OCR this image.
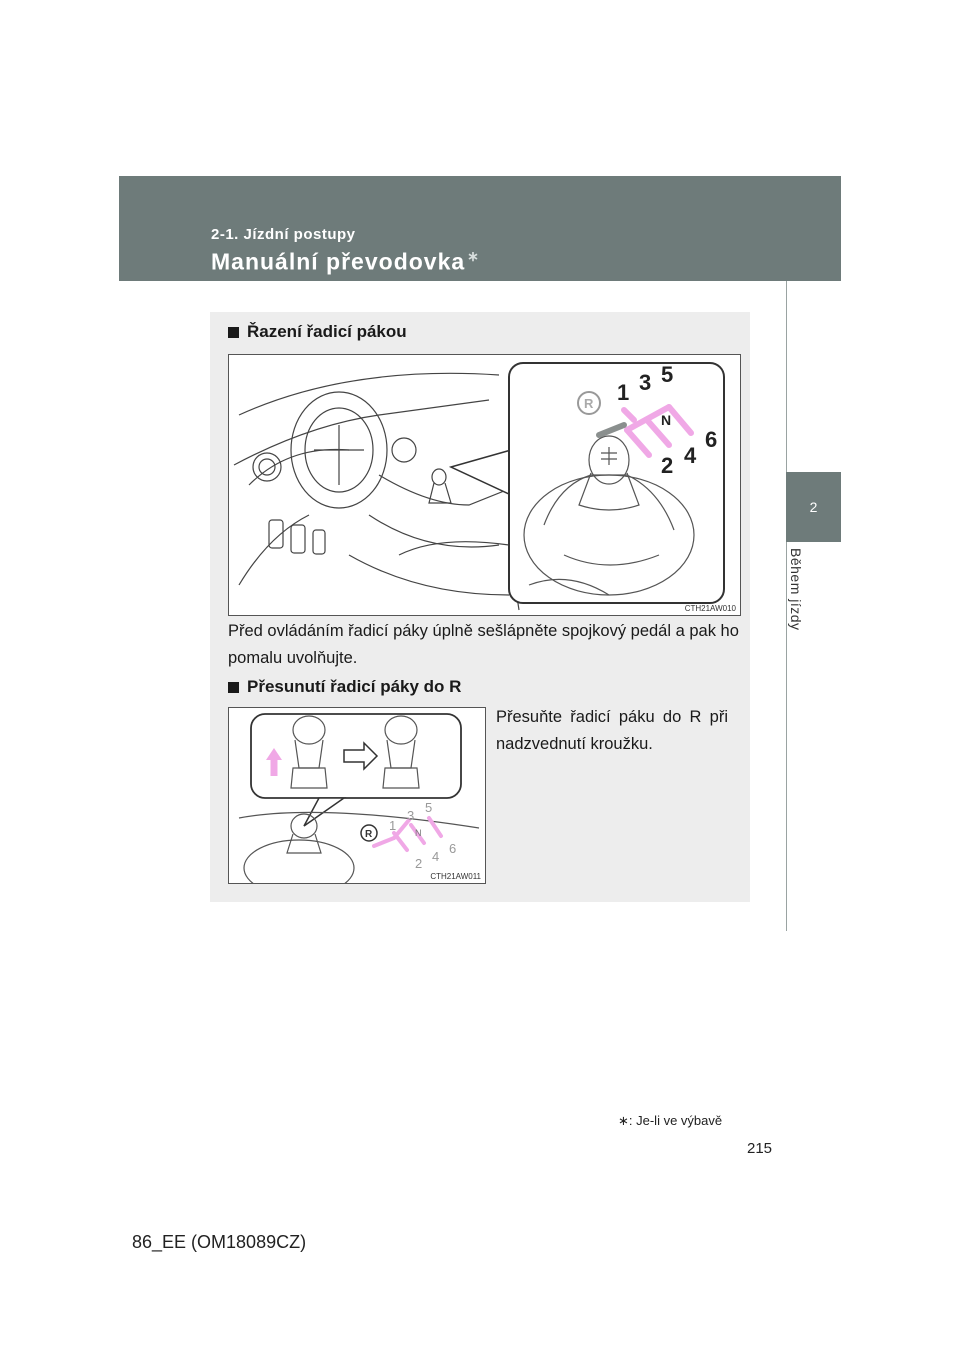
2-1. Jízdní postupy
Manuální převodovka ∗
2
Během jízdy
Řazení řadicí pákou
R 1 3 5
N
2 4
6
CTH21AW010
Před ovládáním řadicí páky úplně sešlápněte spojkový pedál a pak ho pomalu uvolňujte.
Přesunutí řadicí páky do R
Přesuňte řadicí páku do R při nadzvednutí kroužku.
R
1
3
5
N
2 4
6
CTH21AW011
∗: Je-li ve výbavě
215
86_EE (OM18089CZ)
